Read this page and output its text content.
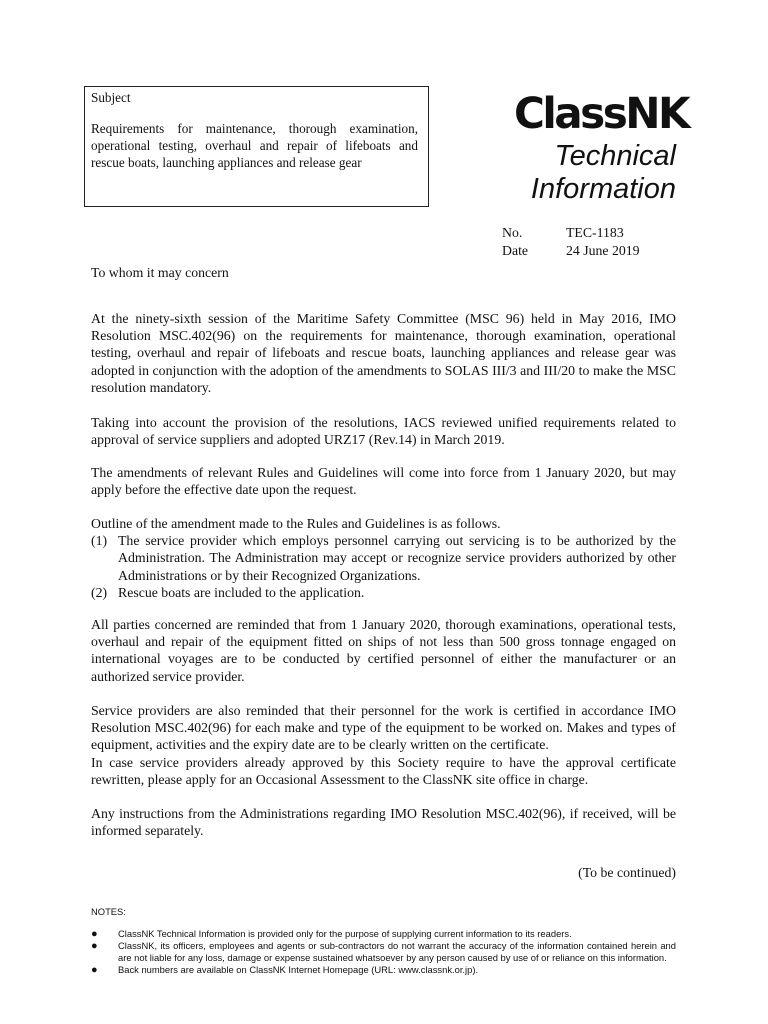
Subject

Requirements for maintenance, thorough examination, operational testing, overhaul and repair of lifeboats and rescue boats, launching appliances and release gear

ClassNK
Technical
Information
No.	TEC-1183
Date	24 June 2019
To whom it may concern

At the ninety-sixth session of the Maritime Safety Committee (MSC 96) held in May 2016, IMO Resolution MSC.402(96) on the requirements for maintenance, thorough examination, operational testing, overhaul and repair of lifeboats and rescue boats, launching appliances and release gear was adopted in conjunction with the adoption of the amendments to SOLAS III/3 and III/20 to make the MSC resolution mandatory.

Taking into account the provision of the resolutions, IACS reviewed unified requirements related to approval of service suppliers and adopted URZ17 (Rev.14) in March 2019.

The amendments of relevant Rules and Guidelines will come into force from 1 January 2020, but may apply before the effective date upon the request.

Outline of the amendment made to the Rules and Guidelines is as follows.
(1) The service provider which employs personnel carrying out servicing is to be authorized by the Administration. The Administration may accept or recognize service providers authorized by other Administrations or by their Recognized Organizations.
(2) Rescue boats are included to the application.

All parties concerned are reminded that from 1 January 2020, thorough examinations, operational tests, overhaul and repair of the equipment fitted on ships of not less than 500 gross tonnage engaged on international voyages are to be conducted by certified personnel of either the manufacturer or an authorized service provider.

Service providers are also reminded that their personnel for the work is certified in accordance IMO Resolution MSC.402(96) for each make and type of the equipment to be worked on. Makes and types of equipment, activities and the expiry date are to be clearly written on the certificate.
In case service providers already approved by this Society require to have the approval certificate rewritten, please apply for an Occasional Assessment to the ClassNK site office in charge.

Any instructions from the Administrations regarding IMO Resolution MSC.402(96), if received, will be informed separately.

(To be continued)
NOTES:
● ClassNK Technical Information is provided only for the purpose of supplying current information to its readers.
● ClassNK, its officers, employees and agents or sub-contractors do not warrant the accuracy of the information contained herein and are not liable for any loss, damage or expense sustained whatsoever by any person caused by use of or reliance on this information.
● Back numbers are available on ClassNK Internet Homepage (URL: www.classnk.or.jp).
